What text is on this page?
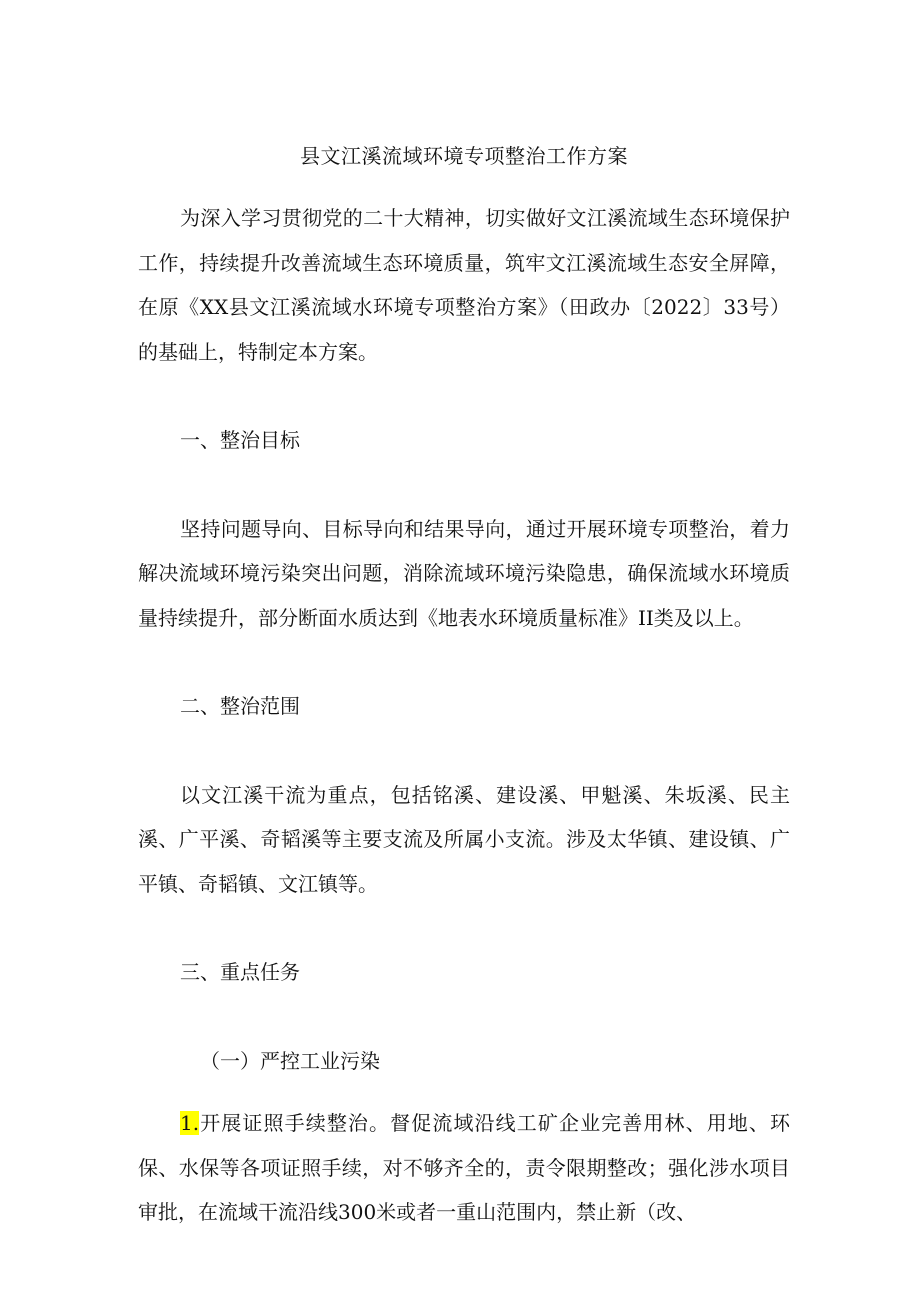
县文江溪流域环境专项整治工作方案
为深入学习贯彻党的二十大精神，切实做好文江溪流域生态环境保护工作，持续提升改善流域生态环境质量，筑牢文江溪流域生态安全屏障，在原《XX县文江溪流域水环境专项整治方案》（田政办〔2022〕33号）的基础上，特制定本方案。
一、整治目标
坚持问题导向、目标导向和结果导向，通过开展环境专项整治，着力解决流域环境污染突出问题，消除流域环境污染隐患，确保流域水环境质量持续提升，部分断面水质达到《地表水环境质量标准》II类及以上。
二、整治范围
以文江溪干流为重点，包括铭溪、建设溪、甲魁溪、朱坂溪、民主溪、广平溪、奇韬溪等主要支流及所属小支流。涉及太华镇、建设镇、广平镇、奇韬镇、文江镇等。
三、重点任务
（一）严控工业污染
1.开展证照手续整治。督促流域沿线工矿企业完善用林、用地、环保、水保等各项证照手续，对不够齐全的，责令限期整改；强化涉水项目审批，在流域干流沿线300米或者一重山范围内，禁止新（改、
